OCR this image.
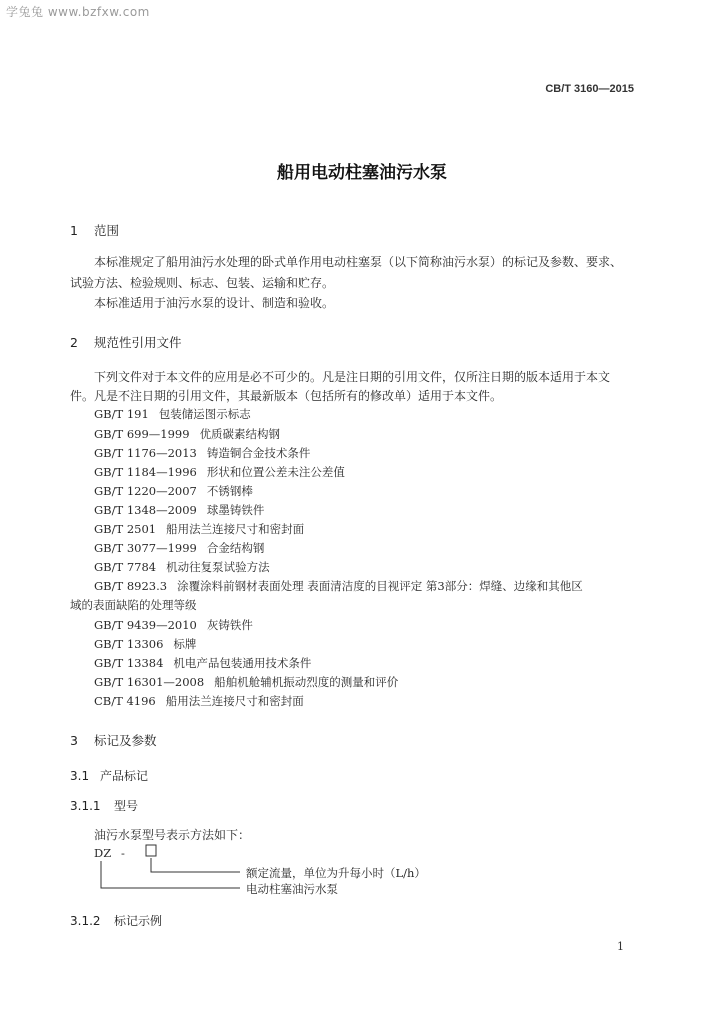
学兔兔 www.bzfxw.com
CB/T 3160—2015
船用电动柱塞油污水泵
1 范围
本标准规定了船用油污水处理的卧式单作用电动柱塞泵（以下简称油污水泵）的标记及参数、要求、
试验方法、检验规则、标志、包装、运输和贮存。
本标准适用于油污水泵的设计、制造和验收。
2 规范性引用文件
下列文件对于本文件的应用是必不可少的。凡是注日期的引用文件，仅所注日期的版本适用于本文
件。凡是不注日期的引用文件，其最新版本（包括所有的修改单）适用于本文件。
GB/T 191 包装储运图示标志
GB/T 699—1999 优质碳素结构钢
GB/T 1176—2013 铸造铜合金技术条件
GB/T 1184—1996 形状和位置公差未注公差值
GB/T 1220—2007 不锈钢棒
GB/T 1348—2009 球墨铸铁件
GB/T 2501 船用法兰连接尺寸和密封面
GB/T 3077—1999 合金结构钢
GB/T 7784 机动往复泵试验方法
GB/T 8923.3 涂覆涂料前钢材表面处理 表面清洁度的目视评定 第3部分：焊缝、边缘和其他区
域的表面缺陷的处理等级
GB/T 9439—2010 灰铸铁件
GB/T 13306 标牌
GB/T 13384 机电产品包装通用技术条件
GB/T 16301—2008 船舶机舱辅机振动烈度的测量和评价
CB/T 4196 船用法兰连接尺寸和密封面
3 标记及参数
3.1 产品标记
3.1.1 型号
油污水泵型号表示方法如下：
DZ -
额定流量，单位为升每小时（L/h）
电动柱塞油污水泵
3.1.2 标记示例
1
